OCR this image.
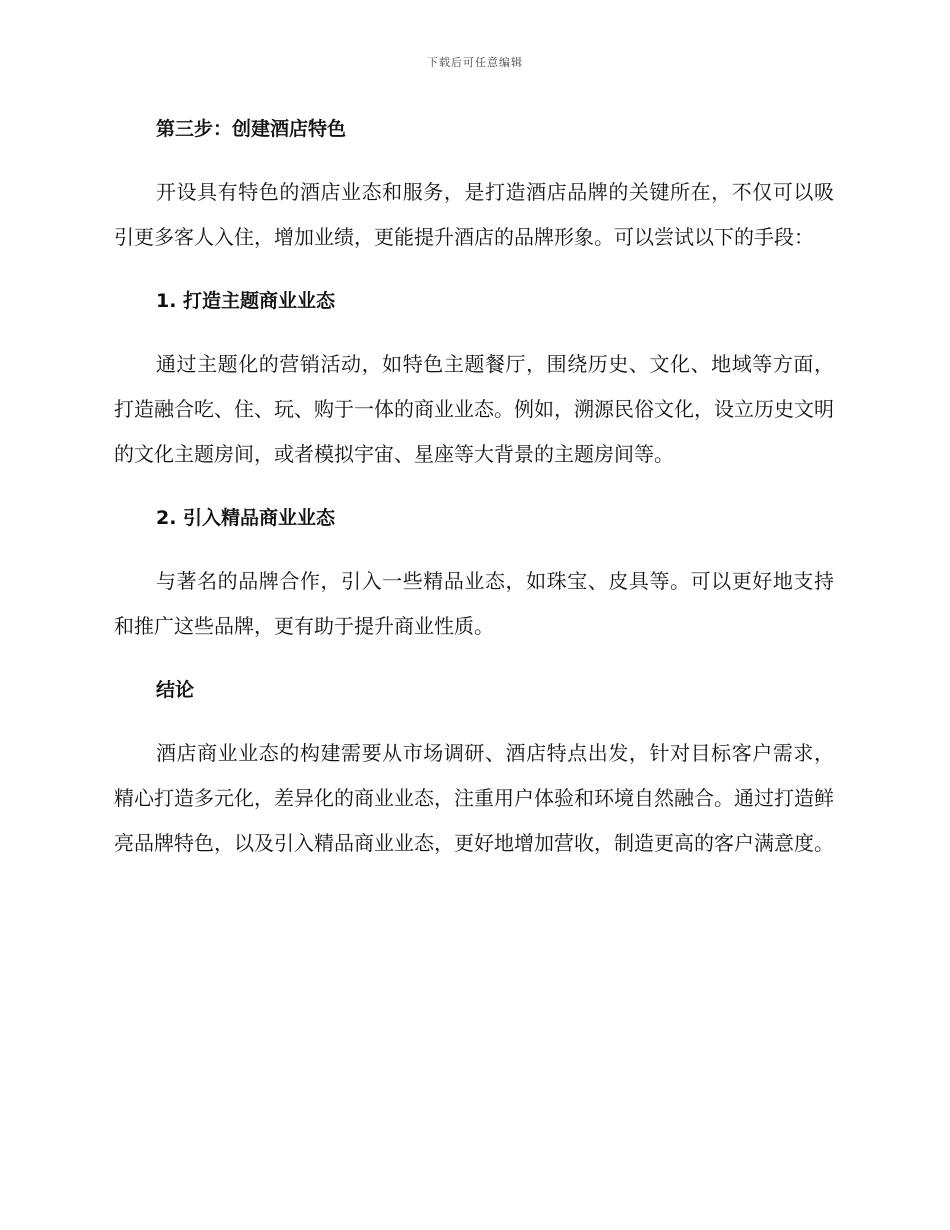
下载后可任意编辑
第三步：创建酒店特色

开设具有特色的酒店业态和服务，是打造酒店品牌的关键所在，不仅可以吸引更多客人入住，增加业绩，更能提升酒店的品牌形象。可以尝试以下的手段：

1. 打造主题商业业态

通过主题化的营销活动，如特色主题餐厅，围绕历史、文化、地域等方面，打造融合吃、住、玩、购于一体的商业业态。例如，溯源民俗文化，设立历史文明的文化主题房间，或者模拟宇宙、星座等大背景的主题房间等。

2. 引入精品商业业态

与著名的品牌合作，引入一些精品业态，如珠宝、皮具等。可以更好地支持和推广这些品牌，更有助于提升商业性质。

结论

酒店商业业态的构建需要从市场调研、酒店特点出发，针对目标客户需求，精心打造多元化，差异化的商业业态，注重用户体验和环境自然融合。通过打造鲜亮品牌特色，以及引入精品商业业态，更好地增加营收，制造更高的客户满意度。
